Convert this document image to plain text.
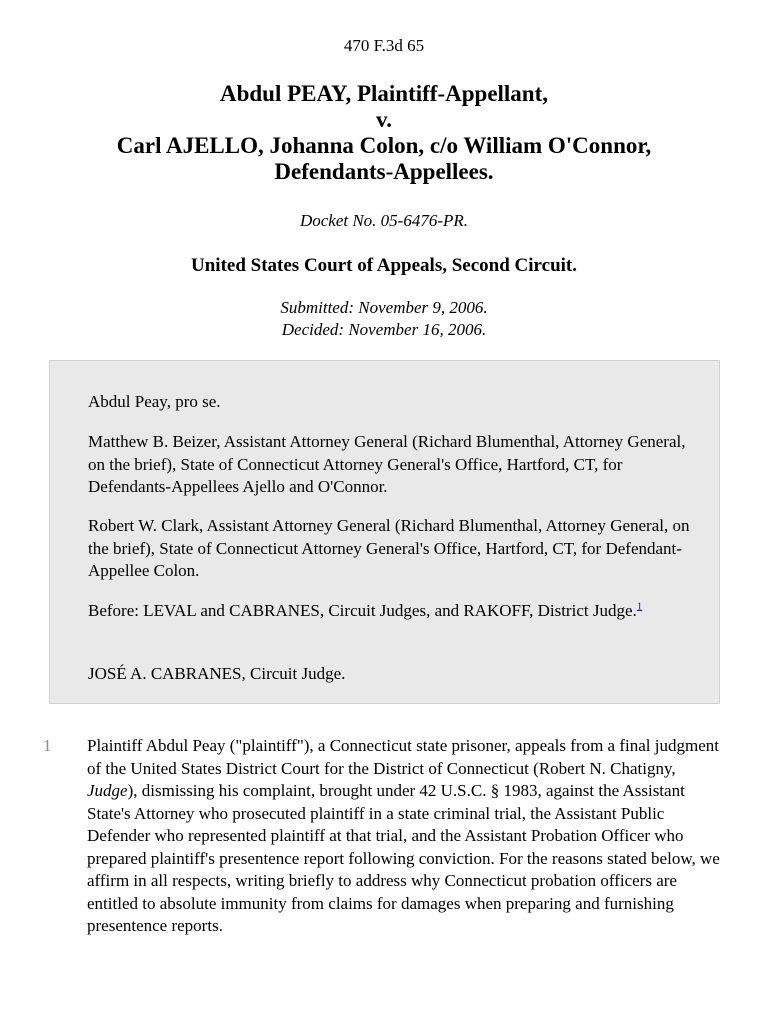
470 F.3d 65
Abdul PEAY, Plaintiff-Appellant,
v.
Carl AJELLO, Johanna Colon, c/o William O'Connor,
Defendants-Appellees.
Docket No. 05-6476-PR.
United States Court of Appeals, Second Circuit.
Submitted: November 9, 2006.
Decided: November 16, 2006.

Abdul Peay, pro se.

Matthew B. Beizer, Assistant Attorney General (Richard Blumenthal, Attorney General, on the brief), State of Connecticut Attorney General's Office, Hartford, CT, for Defendants-Appellees Ajello and O'Connor.

Robert W. Clark, Assistant Attorney General (Richard Blumenthal, Attorney General, on the brief), State of Connecticut Attorney General's Office, Hartford, CT, for Defendant-Appellee Colon.

Before: LEVAL and CABRANES, Circuit Judges, and RAKOFF, District Judge.$^1$

JOSÉ A. CABRANES, Circuit Judge.

1 Plaintiff Abdul Peay ("plaintiff"), a Connecticut state prisoner, appeals from a final judgment of the United States District Court for the District of Connecticut (Robert N. Chatigny, Judge), dismissing his complaint, brought under 42 U.S.C. § 1983, against the Assistant State's Attorney who prosecuted plaintiff in a state criminal trial, the Assistant Public Defender who represented plaintiff at that trial, and the Assistant Probation Officer who prepared plaintiff's presentence report following conviction. For the reasons stated below, we affirm in all respects, writing briefly to address why Connecticut probation officers are entitled to absolute immunity from claims for damages when preparing and furnishing presentence reports.
